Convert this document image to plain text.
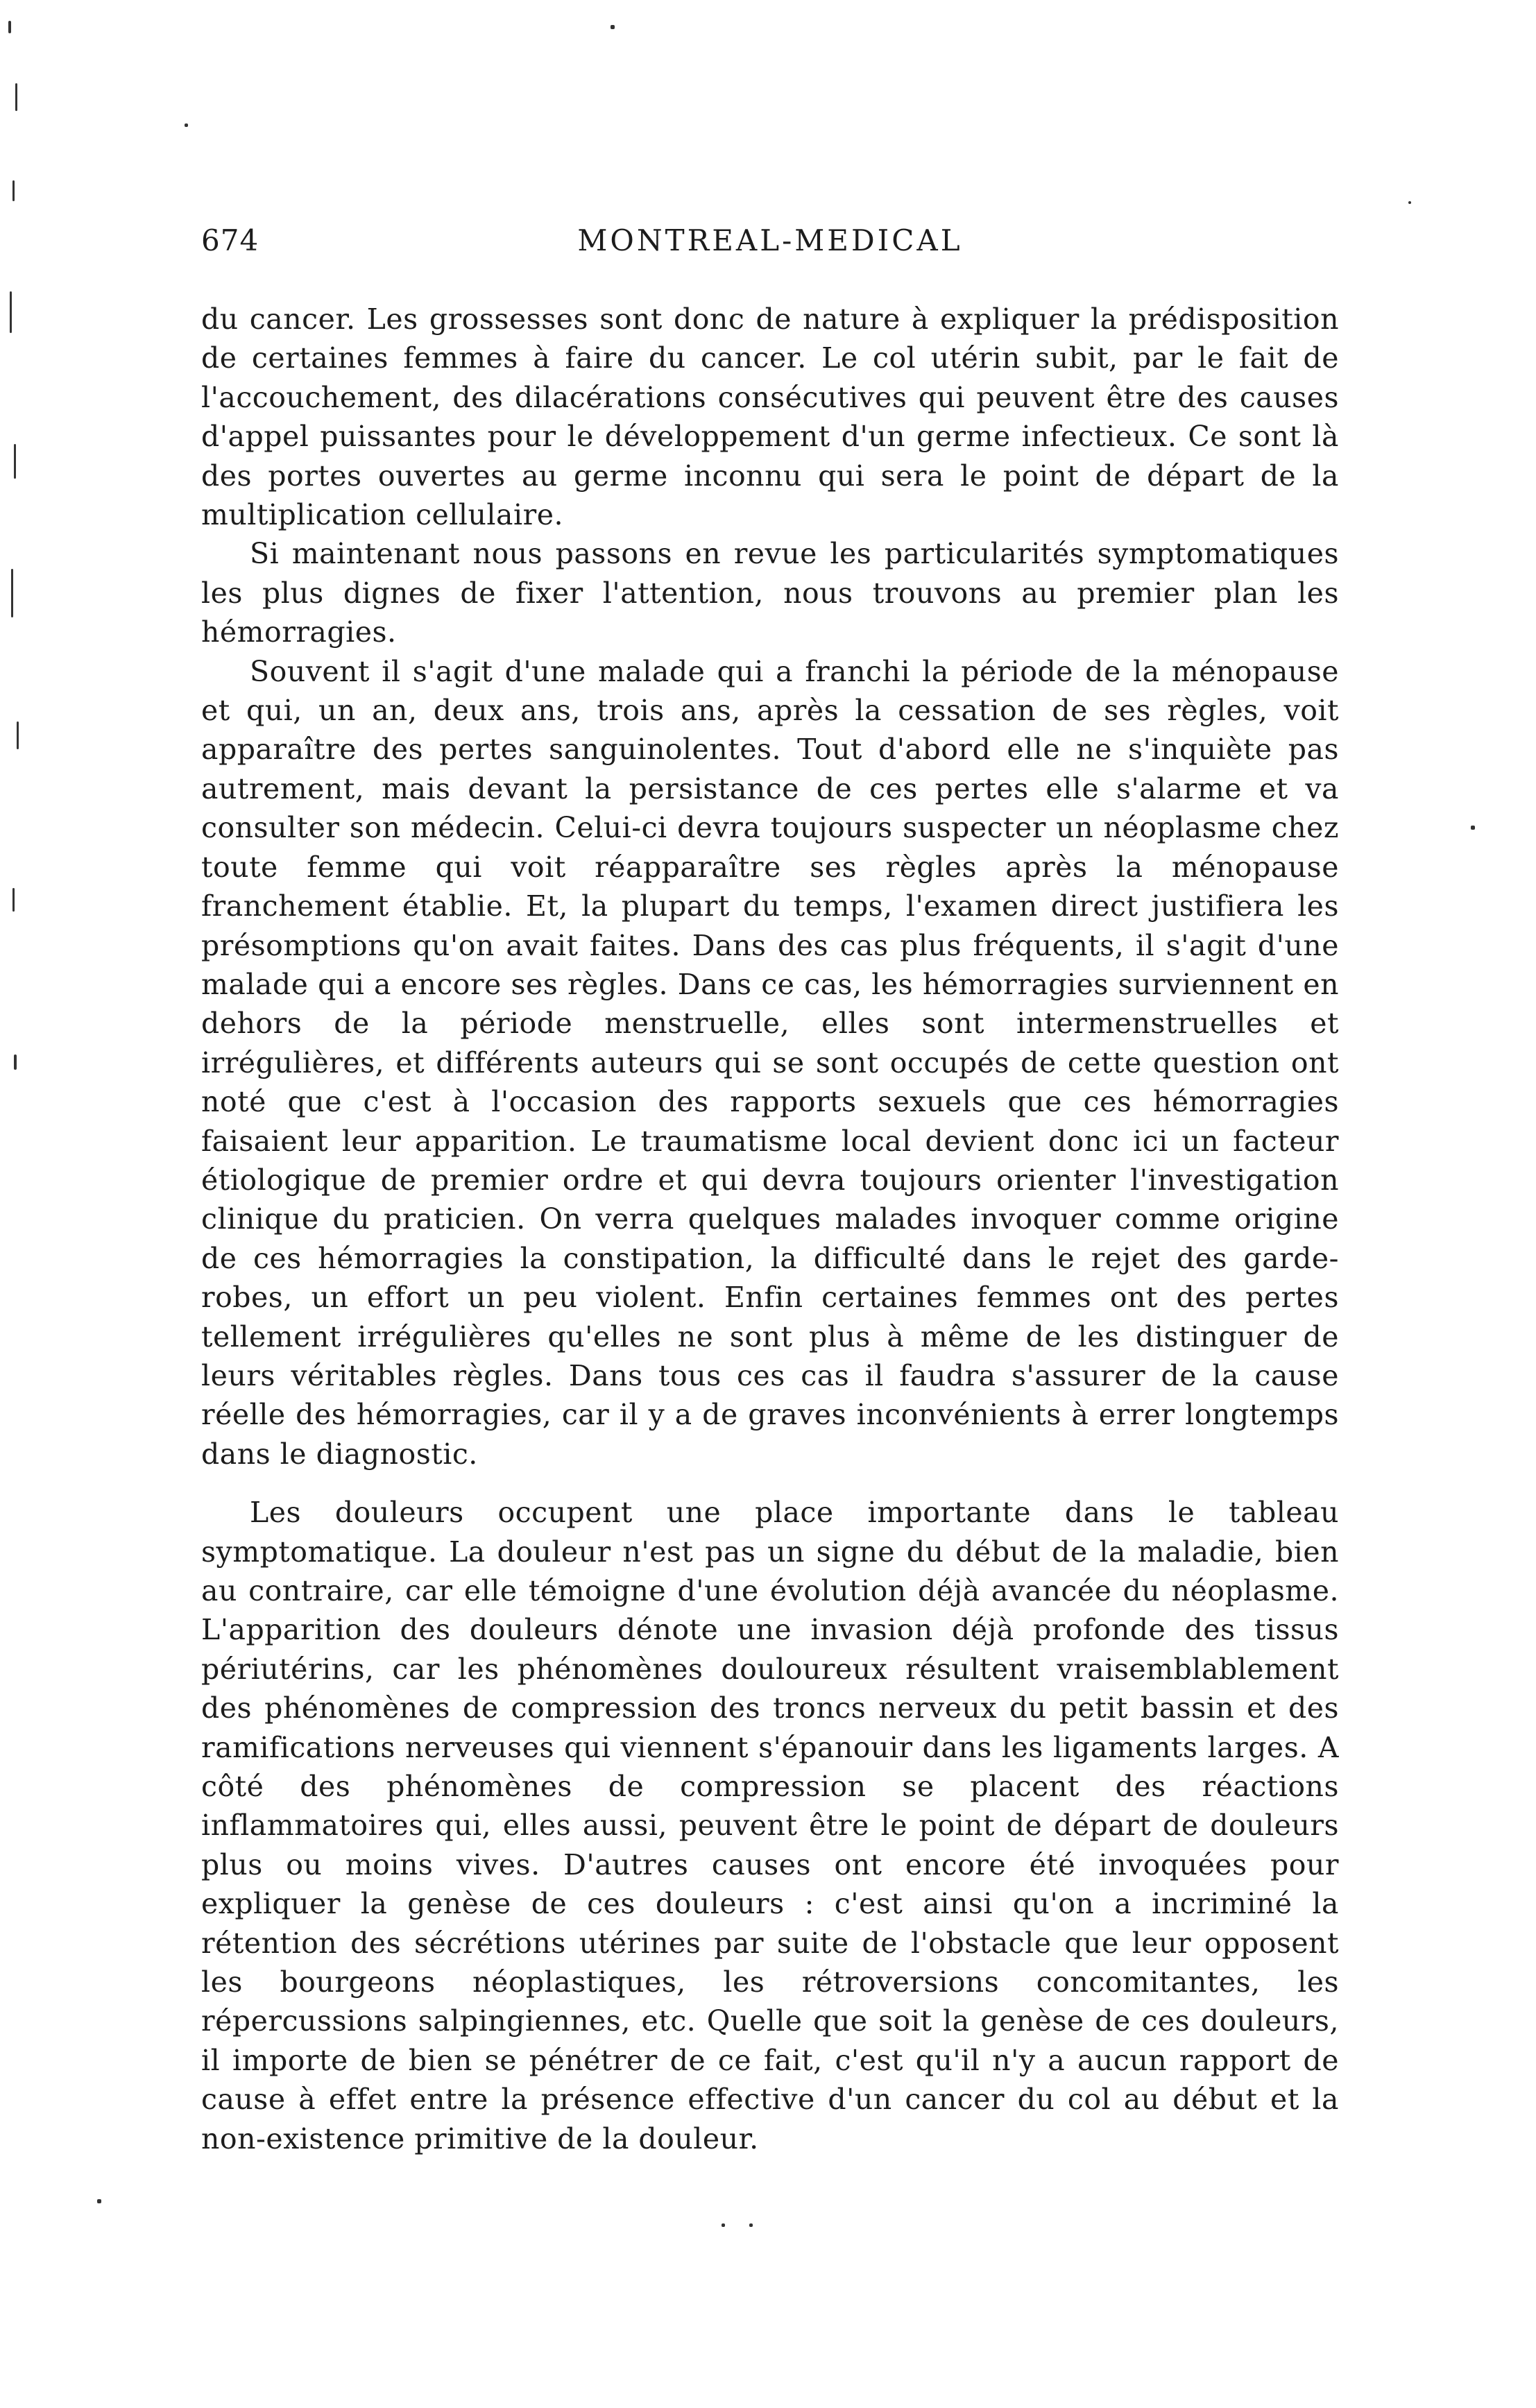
674	MONTREAL-MEDICAL

du cancer. Les grossesses sont donc de nature à expliquer la prédisposition de certaines femmes à faire du cancer. Le col utérin subit, par le fait de l'accouchement, des dilacérations consécutives qui peuvent être des causes d'appel puissantes pour le développement d'un germe infectieux. Ce sont là des portes ouvertes au germe inconnu qui sera le point de départ de la multiplication cellulaire.

Si maintenant nous passons en revue les particularités symptomatiques les plus dignes de fixer l'attention, nous trouvons au premier plan les hémorragies.

Souvent il s'agit d'une malade qui a franchi la période de la ménopause et qui, un an, deux ans, trois ans, après la cessation de ses règles, voit apparaître des pertes sanguinolentes. Tout d'abord elle ne s'inquiète pas autrement, mais devant la persistance de ces pertes elle s'alarme et va consulter son médecin. Celui-ci devra toujours suspecter un néoplasme chez toute femme qui voit réapparaître ses règles après la ménopause franchement établie. Et, la plupart du temps, l'examen direct justifiera les présomptions qu'on avait faites. Dans des cas plus fréquents, il s'agit d'une malade qui a encore ses règles. Dans ce cas, les hémorragies surviennent en dehors de la période menstruelle, elles sont intermenstruelles et irrégulières, et différents auteurs qui se sont occupés de cette question ont noté que c'est à l'occasion des rapports sexuels que ces hémorragies faisaient leur apparition. Le traumatisme local devient donc ici un facteur étiologique de premier ordre et qui devra toujours orienter l'investigation clinique du praticien. On verra quelques malades invoquer comme origine de ces hémorragies la constipation, la difficulté dans le rejet des garde-robes, un effort un peu violent. Enfin certaines femmes ont des pertes tellement irrégulières qu'elles ne sont plus à même de les distinguer de leurs véritables règles. Dans tous ces cas il faudra s'assurer de la cause réelle des hémorragies, car il y a de graves inconvénients à errer longtemps dans le diagnostic.

Les douleurs occupent une place importante dans le tableau symptomatique. La douleur n'est pas un signe du début de la maladie, bien au contraire, car elle témoigne d'une évolution déjà avancée du néoplasme. L'apparition des douleurs dénote une invasion déjà profonde des tissus périutérins, car les phénomènes douloureux résultent vraisemblablement des phénomènes de compression des troncs nerveux du petit bassin et des ramifications nerveuses qui viennent s'épanouir dans les ligaments larges. A côté des phénomènes de compression se placent des réactions inflammatoires qui, elles aussi, peuvent être le point de départ de douleurs plus ou moins vives. D'autres causes ont encore été invoquées pour expliquer la genèse de ces douleurs : c'est ainsi qu'on a incriminé la rétention des sécrétions utérines par suite de l'obstacle que leur opposent les bourgeons néoplastiques, les rétroversions concomitantes, les répercussions salpingiennes, etc. Quelle que soit la genèse de ces douleurs, il importe de bien se pénétrer de ce fait, c'est qu'il n'y a aucun rapport de cause à effet entre la présence effective d'un cancer du col au début et la non-existence primitive de la douleur.
